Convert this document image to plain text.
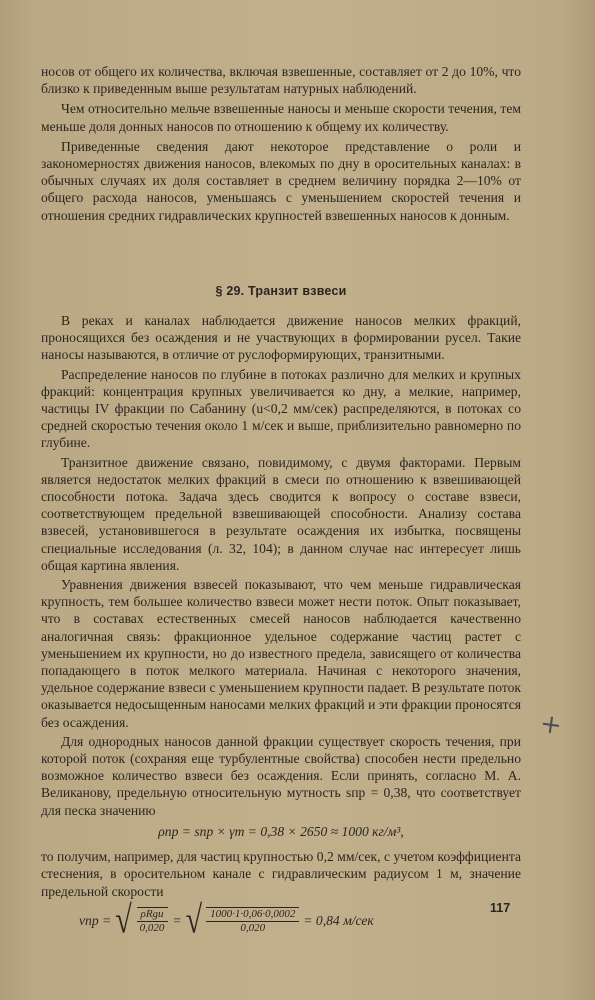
носов от общего их количества, включая взвешенные, составляет от 2 до 10%, что близко к приведенным выше результатам натурных наблюдений.

Чем относительно мельче взвешенные наносы и меньше скорости течения, тем меньше доля донных наносов по отношению к общему их количеству.

Приведенные сведения дают некоторое представление о роли и закономерностях движения наносов, влекомых по дну в оросительных каналах: в обычных случаях их доля составляет в среднем величину порядка 2—10% от общего расхода наносов, уменьшаясь с уменьшением скоростей течения и отношения средних гидравлических крупностей взвешенных наносов к донным.

§ 29. Транзит взвеси

В реках и каналах наблюдается движение наносов мелких фракций, проносящихся без осаждения и не участвующих в формировании русел. Такие наносы называются, в отличие от руслоформирующих, транзитными.

Распределение наносов по глубине в потоках различно для мелких и крупных фракций: концентрация крупных увеличивается ко дну, а мелкие, например, частицы IV фракции по Сабанину (u<0,2 мм/сек) распределяются, в потоках со средней скоростью течения около 1 м/сек и выше, приблизительно равномерно по глубине.

Транзитное движение связано, повидимому, с двумя факторами. Первым является недостаток мелких фракций в смеси по отношению к взвешивающей способности потока. Задача здесь сводится к вопросу о составе взвеси, соответствующем предельной взвешивающей способности. Анализу состава взвесей, установившегося в результате осаждения их избытка, посвящены специальные исследования (л. 32, 104); в данном случае нас интересует лишь общая картина явления.

Уравнения движения взвесей показывают, что чем меньше гидравлическая крупность, тем большее количество взвеси может нести поток. Опыт показывает, что в составах естественных смесей наносов наблюдается качественно аналогичная связь: фракционное удельное содержание частиц растет с уменьшением их крупности, но до известного предела, зависящего от количества попадающего в поток мелкого материала. Начиная с некоторого значения, удельное содержание взвеси с уменьшением крупности падает. В результате поток оказывается недосыщенным наносами мелких фракций и эти фракции проносятся без осаждения.

Для однородных наносов данной фракции существует скорость течения, при которой поток (сохраняя еще турбулентные свойства) способен нести предельно возможное количество взвеси без осаждения. Если принять, согласно М. А. Великанову, предельную относительную мутность sпр = 0,38, что соответствует для песка значению

ρпр = sпр × γт = 0,38 × 2650 ≈ 1000 кг/м³,

то получим, например, для частиц крупностью 0,2 мм/сек, с учетом коэффициента стеснения, в оросительном канале с гидравлическим радиусом 1 м, значение предельной скорости

vпр = √ $\frac{\text{ρRgu}}{0,020}$ = √ $\frac{1000\cdot 1\cdot 0,06\cdot 0,0002}{0,020} = 0,84$ м/сек
+
117
